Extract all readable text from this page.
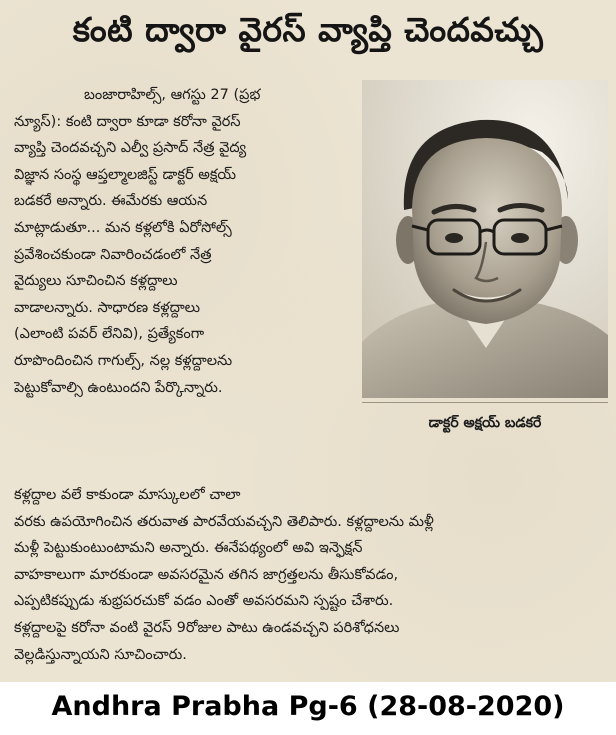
కంటి ద్వారా వైరస్ వ్యాప్తి చెందవచ్చు
బంజారాహిల్స్, ఆగస్టు 27 (ప్రభ
న్యూస్): కంటి ద్వారా కూడా కరోనా వైరస్
వ్యాప్తి చెందవచ్చని ఎల్వీ ప్రసాద్ నేత్ర వైద్య
విజ్ఞాన సంస్థ ఆప్తల్మాలజిస్ట్ డాక్టర్ అక్షయ్
బడకరే అన్నారు. ఈమేరకు ఆయన
మాట్లాడుతూ... మన కళ్లలోకి ఏరోసోల్స్
ప్రవేశించకుండా నివారించడంలో నేత్ర
వైద్యులు సూచించిన కళ్లద్దాలు
వాడాలన్నారు. సాధారణ కళ్లద్దాలు
(ఎలాంటి పవర్ లేనివి), ప్రత్యేకంగా
రూపొందించిన గాగుల్స్, నల్ల కళ్లద్దాలను
పెట్టుకోవాల్సి ఉంటుందని పేర్కొన్నారు.
డాక్టర్ అక్షయ్ బడకరే
కళ్లద్దాల వలే కాకుండా మాస్కులలో చాలా
వరకు ఉపయోగించిన తరువాత పారవేయవచ్చని తెలిపారు. కళ్లద్దాలను మళ్లీ
మళ్లీ పెట్టుకుంటుంటామని అన్నారు. ఈనేపథ్యంలో అవి ఇన్ఫెక్షన్
వాహకాలుగా మారకుండా అవసరమైన తగిన జాగ్రత్తలను తీసుకోవడం,
ఎప్పటికప్పుడు శుభ్రపరచుకో వడం ఎంతో అవసరమని స్పష్టం చేశారు.
కళ్లద్దాలపై కరోనా వంటి వైరస్ 9రోజుల పాటు ఉండవచ్చని పరిశోధనలు
వెల్లడిస్తున్నాయని సూచించారు.
Andhra Prabha Pg-6 (28-08-2020)
